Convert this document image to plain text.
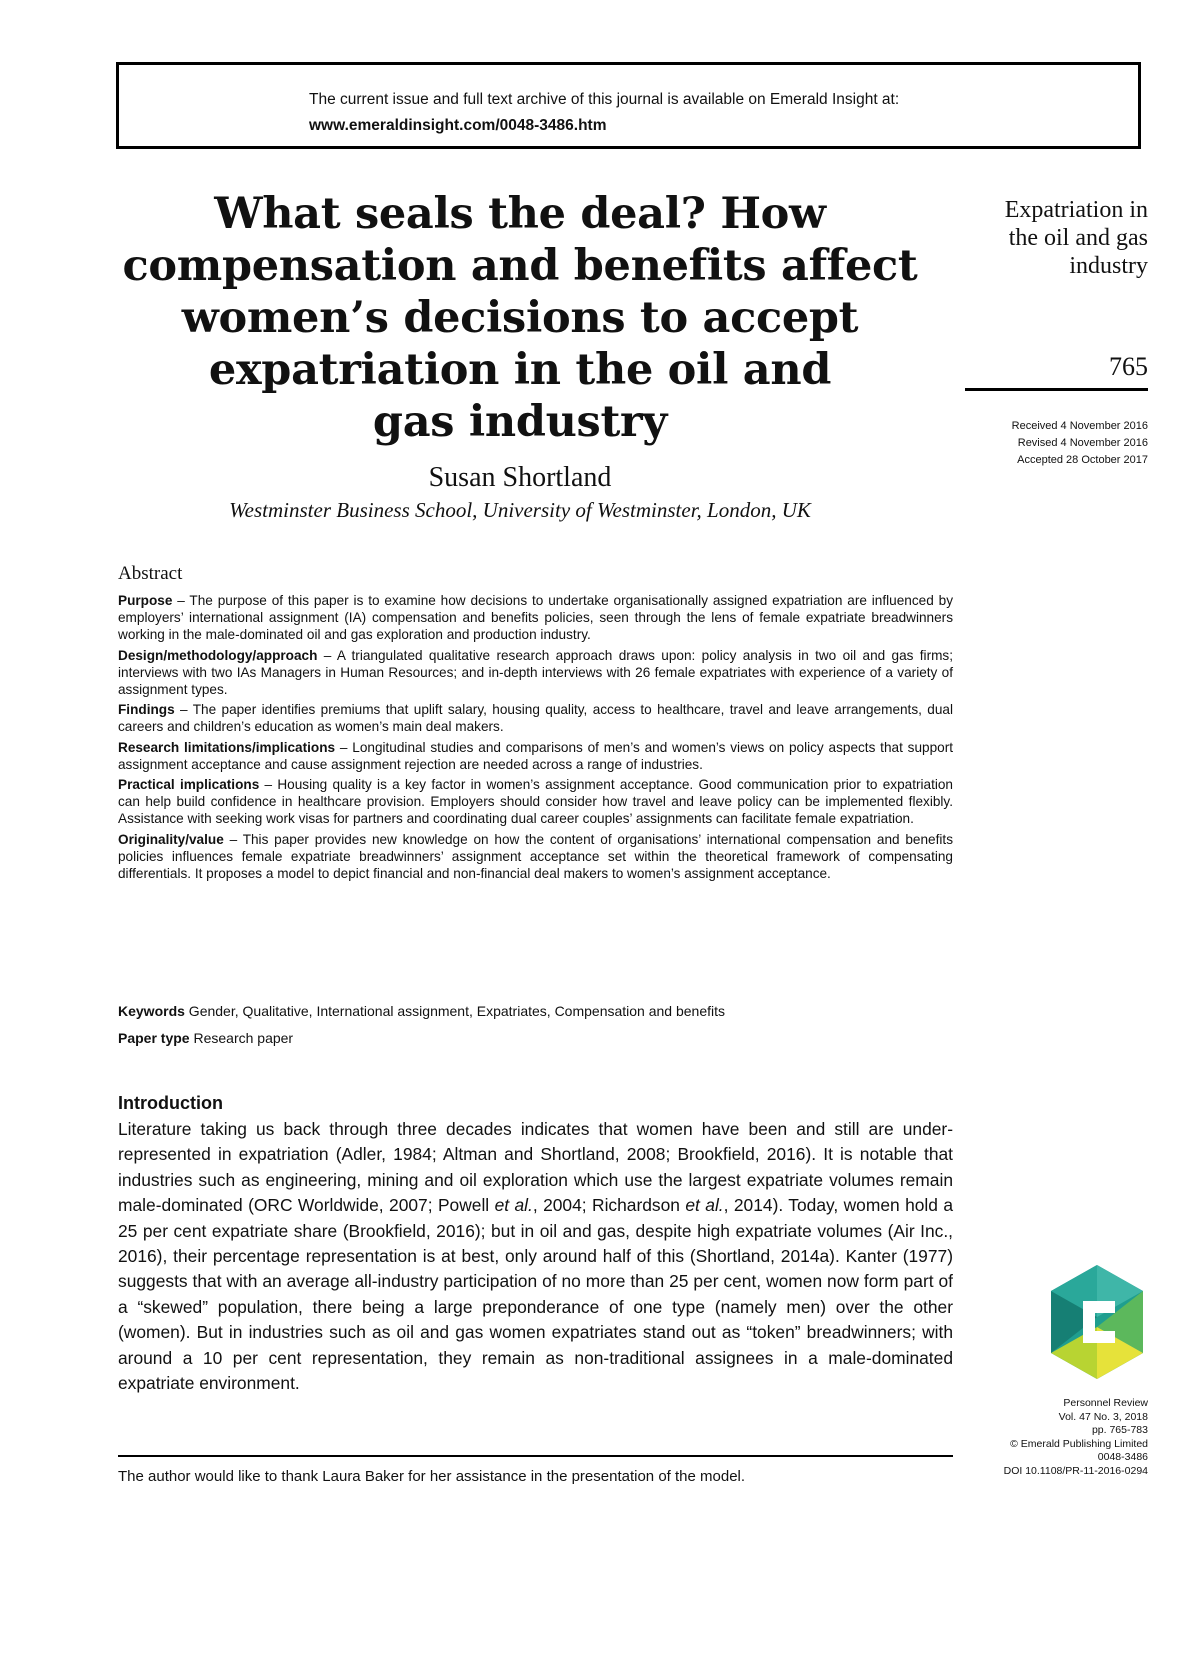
The current issue and full text archive of this journal is available on Emerald Insight at:
www.emeraldinsight.com/0048-3486.htm
What seals the deal? How
compensation and benefits affect
women’s decisions to accept
expatriation in the oil and
gas industry
Susan Shortland
Westminster Business School, University of Westminster, London, UK
Expatriation in
the oil and gas
industry
765
Received 4 November 2016
Revised 4 November 2016
Accepted 28 October 2017
Abstract

Purpose – The purpose of this paper is to examine how decisions to undertake organisationally assigned expatriation are influenced by employers’ international assignment (IA) compensation and benefits policies, seen through the lens of female expatriate breadwinners working in the male-dominated oil and gas exploration and production industry.

Design/methodology/approach – A triangulated qualitative research approach draws upon: policy analysis in two oil and gas firms; interviews with two IAs Managers in Human Resources; and in-depth interviews with 26 female expatriates with experience of a variety of assignment types.

Findings – The paper identifies premiums that uplift salary, housing quality, access to healthcare, travel and leave arrangements, dual careers and children’s education as women’s main deal makers.

Research limitations/implications – Longitudinal studies and comparisons of men’s and women’s views on policy aspects that support assignment acceptance and cause assignment rejection are needed across a range of industries.

Practical implications – Housing quality is a key factor in women’s assignment acceptance. Good communication prior to expatriation can help build confidence in healthcare provision. Employers should consider how travel and leave policy can be implemented flexibly. Assistance with seeking work visas for partners and coordinating dual career couples’ assignments can facilitate female expatriation.

Originality/value – This paper provides new knowledge on how the content of organisations’ international compensation and benefits policies influences female expatriate breadwinners’ assignment acceptance set within the theoretical framework of compensating differentials. It proposes a model to depict financial and non-financial deal makers to women’s assignment acceptance.

Keywords Gender, Qualitative, International assignment, Expatriates, Compensation and benefits
Paper type Research paper
Introduction

Literature taking us back through three decades indicates that women have been and still are under-represented in expatriation (Adler, 1984; Altman and Shortland, 2008; Brookfield, 2016). It is notable that industries such as engineering, mining and oil exploration which use the largest expatriate volumes remain male-dominated (ORC Worldwide, 2007; Powell et al., 2004; Richardson et al., 2014). Today, women hold a 25 per cent expatriate share (Brookfield, 2016); but in oil and gas, despite high expatriate volumes (Air Inc., 2016), their percentage representation is at best, only around half of this (Shortland, 2014a). Kanter (1977) suggests that with an average all-industry participation of no more than 25 per cent, women now form part of a “skewed” population, there being a large preponderance of one type (namely men) over the other (women). But in industries such as oil and gas women expatriates stand out as “token” breadwinners; with around a 10 per cent representation, they remain as non-traditional assignees in a male-dominated expatriate environment.

The author would like to thank Laura Baker for her assistance in the presentation of the model.
Personnel Review
Vol. 47 No. 3, 2018
pp. 765-783
© Emerald Publishing Limited
0048-3486
DOI 10.1108/PR-11-2016-0294
